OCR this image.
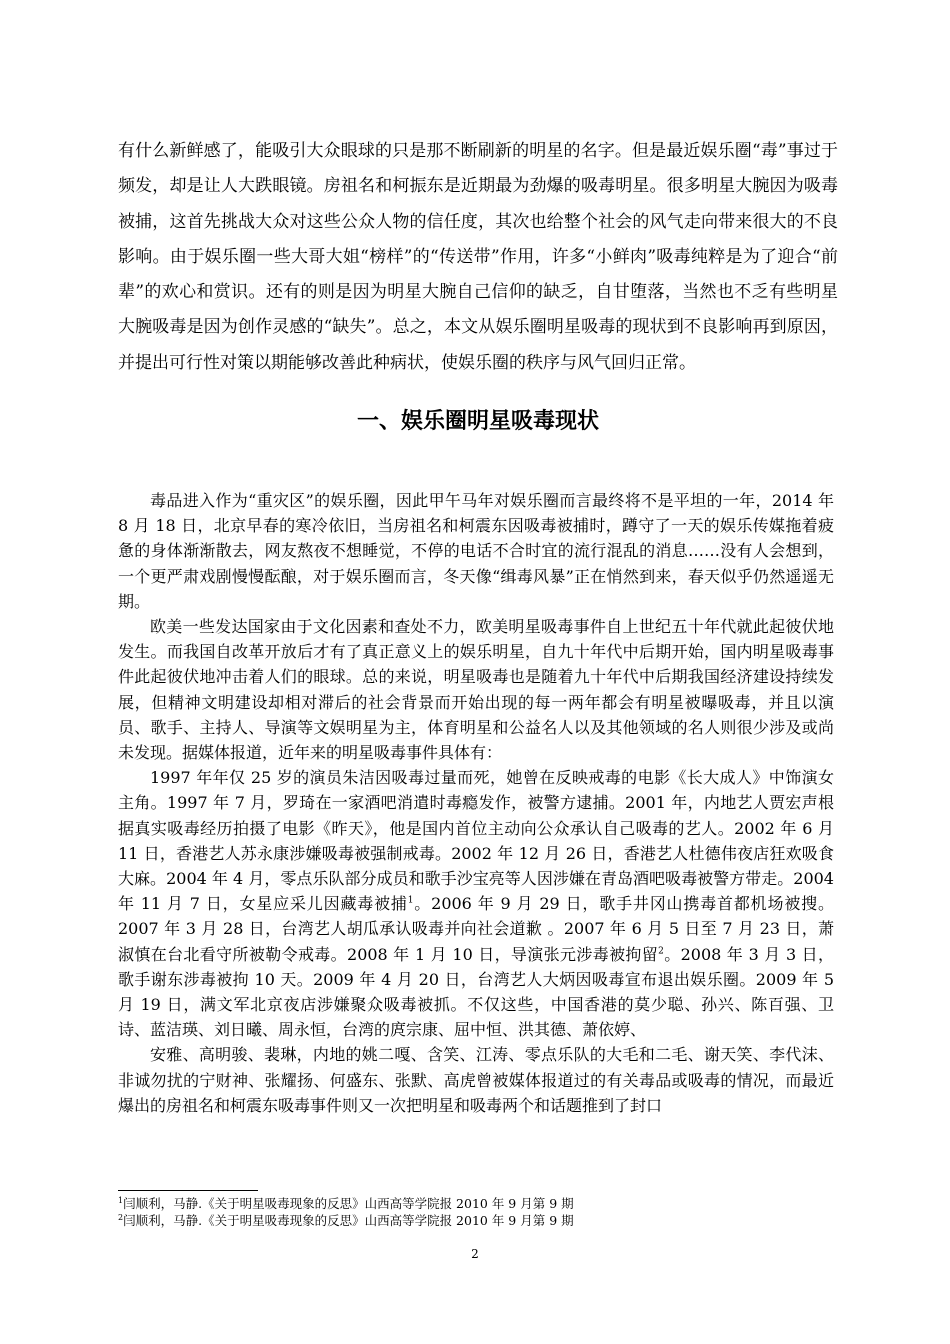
有什么新鲜感了，能吸引大众眼球的只是那不断刷新的明星的名字。但是最近娱乐圈“毒”事过于频发，却是让人大跌眼镜。房祖名和柯振东是近期最为劲爆的吸毒明星。很多明星大腕因为吸毒被捕，这首先挑战大众对这些公众人物的信任度，其次也给整个社会的风气走向带来很大的不良影响。由于娱乐圈一些大哥大姐“榜样”的“传送带”作用，许多“小鲜肉”吸毒纯粹是为了迎合“前辈”的欢心和赏识。还有的则是因为明星大腕自己信仰的缺乏，自甘堕落，当然也不乏有些明星大腕吸毒是因为创作灵感的“缺失”。总之，本文从娱乐圈明星吸毒的现状到不良影响再到原因，并提出可行性对策以期能够改善此种病状，使娱乐圈的秩序与风气回归正常。

一、娱乐圈明星吸毒现状

毒品进入作为“重灾区”的娱乐圈，因此甲午马年对娱乐圈而言最终将不是平坦的一年，2014 年 8 月 18 日，北京早春的寒冷依旧，当房祖名和柯震东因吸毒被捕时，蹲守了一天的娱乐传媒拖着疲惫的身体渐渐散去，网友熬夜不想睡觉，不停的电话不合时宜的流行混乱的消息……没有人会想到，一个更严肃戏剧慢慢酝酿，对于娱乐圈而言，冬天像“缉毒风暴”正在悄然到来，春天似乎仍然遥遥无期。

欧美一些发达国家由于文化因素和查处不力，欧美明星吸毒事件自上世纪五十年代就此起彼伏地发生。而我国自改革开放后才有了真正意义上的娱乐明星，自九十年代中后期开始，国内明星吸毒事件此起彼伏地冲击着人们的眼球。总的来说，明星吸毒也是随着九十年代中后期我国经济建设持续发展，但精神文明建设却相对滞后的社会背景而开始出现的每一两年都会有明星被曝吸毒，并且以演员、歌手、主持人、导演等文娱明星为主，体育明星和公益名人以及其他领域的名人则很少涉及或尚未发现。据媒体报道，近年来的明星吸毒事件具体有：

1997 年年仅 25 岁的演员朱洁因吸毒过量而死，她曾在反映戒毒的电影《长大成人》中饰演女主角。1997 年 7 月，罗琦在一家酒吧消遣时毒瘾发作，被警方逮捕。2001 年，内地艺人贾宏声根据真实吸毒经历拍摄了电影《昨天》，他是国内首位主动向公众承认自己吸毒的艺人。2002 年 6 月 11 日，香港艺人苏永康涉嫌吸毒被强制戒毒。2002 年 12 月 26 日，香港艺人杜德伟夜店狂欢吸食大麻。2004 年 4 月，零点乐队部分成员和歌手沙宝亮等人因涉嫌在青岛酒吧吸毒被警方带走。2004 年 11 月 7 日，女星应采儿因藏毒被捕$^1$。2006 年 9 月 29 日，歌手井冈山携毒首都机场被搜。2007 年 3 月 28 日，台湾艺人胡瓜承认吸毒并向社会道歉 。2007 年 6 月 5 日至 7 月 23 日，萧淑慎在台北看守所被勒令戒毒。2008 年 1 月 10 日，导演张元涉毒被拘留$^2$。2008 年 3 月 3 日，歌手谢东涉毒被拘 10 天。2009 年 4 月 20 日，台湾艺人大炳因吸毒宣布退出娱乐圈。2009 年 5 月 19 日，满文军北京夜店涉嫌聚众吸毒被抓。不仅这些，中国香港的莫少聪、孙兴、陈百强、卫诗、蓝洁瑛、刘日曦、周永恒，台湾的庹宗康、屈中恒、洪其德、萧依婷、

安雅、高明骏、裴琳，内地的姚二嘎、含笑、江涛、零点乐队的大毛和二毛、谢天笑、李代沫、非诚勿扰的宁财神、张耀扬、何盛东、张默、高虎曾被媒体报道过的有关毒品或吸毒的情况，而最近爆出的房祖名和柯震东吸毒事件则又一次把明星和吸毒两个和话题推到了封口

$^1$闫顺利，马静.《关于明星吸毒现象的反思》山西高等学院报 2010 年 9 月第 9 期

$^2$闫顺利，马静.《关于明星吸毒现象的反思》山西高等学院报 2010 年 9 月第 9 期

2
